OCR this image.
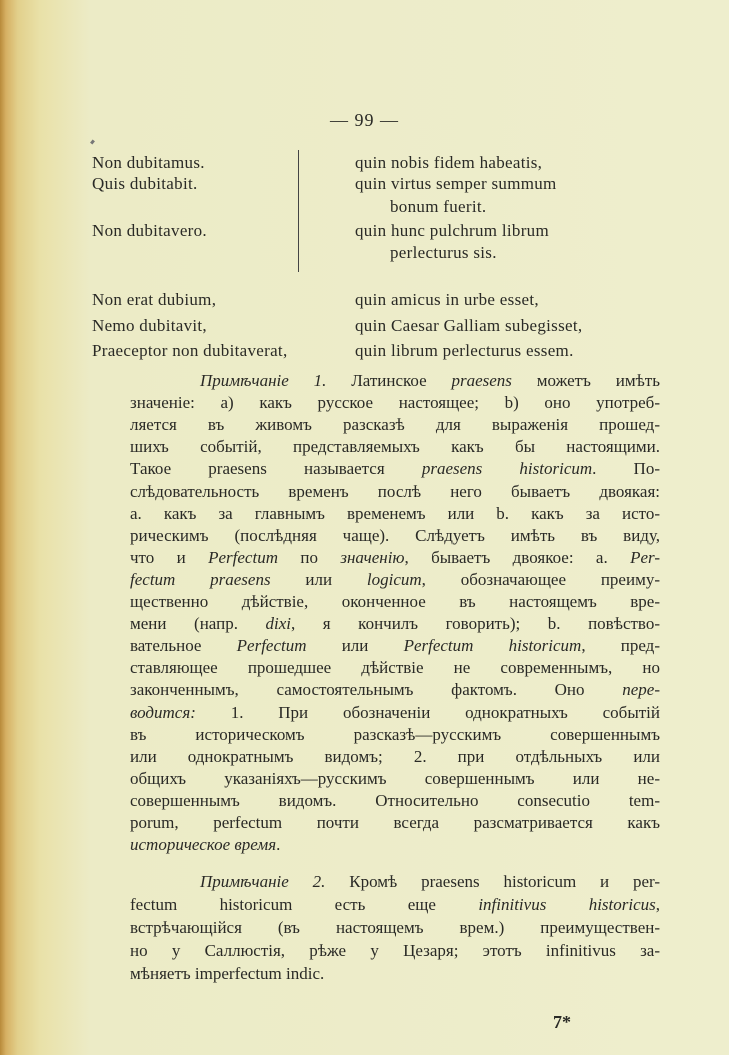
— 99 —
Non dubitamus.	quin nobis fidem habeatis,
Quis dubitabit.	quin virtus semper summum
bonum fuerit.
Non dubitavero.	quin hunc pulchrum librum
perlecturus sis.
Non erat dubium,	quin amicus in urbe esset,
Nemo dubitavit,	quin Caesar Galliam subegisset,
Praeceptor non dubitaverat,	quin librum perlecturus essem.
Примѣчаніе 1. Латинское praesens можетъ имѣть
значеніе: a) какъ русское настоящее; b) оно употреб-
ляется въ живомъ разсказѣ для выраженія прошед-
шихъ событій, представляемыхъ какъ бы настоящими.
Такое praesens называется praesens historicum. По-
слѣдовательность временъ послѣ него бываетъ двоякая:
a. какъ за главнымъ временемъ или b. какъ за исто-
рическимъ (послѣдняя чаще). Слѣдуетъ имѣть въ виду,
что и Perfectum по значенію, бываетъ двоякое: a. Per-
fectum praesens или logicum, обозначающее преиму-
щественно дѣйствіе, оконченное въ настоящемъ вре-
мени (напр. dixi, я кончилъ говорить); b. повѣство-
вательное Perfectum или Perfectum historicum, пред-
ставляющее прошедшее дѣйствіе не современнымъ, но
законченнымъ, самостоятельнымъ фактомъ. Оно пере-
водится: 1. При обозначеніи однократныхъ событій
въ историческомъ разсказѣ—русскимъ совершеннымъ
или однократнымъ видомъ; 2. при отдѣльныхъ или
общихъ указаніяхъ—русскимъ совершеннымъ или не-
совершеннымъ видомъ. Относительно consecutio tem-
porum, perfectum почти всегда разсматривается какъ
историческое время.
Примѣчаніе 2. Кромѣ praesens historicum и per-
fectum historicum есть еще infinitivus historicus,
встрѣчающійся (въ настоящемъ врем.) преимуществен-
но у Саллюстія, рѣже у Цезаря; этотъ infinitivus за-
мѣняетъ imperfectum indic.
7*
